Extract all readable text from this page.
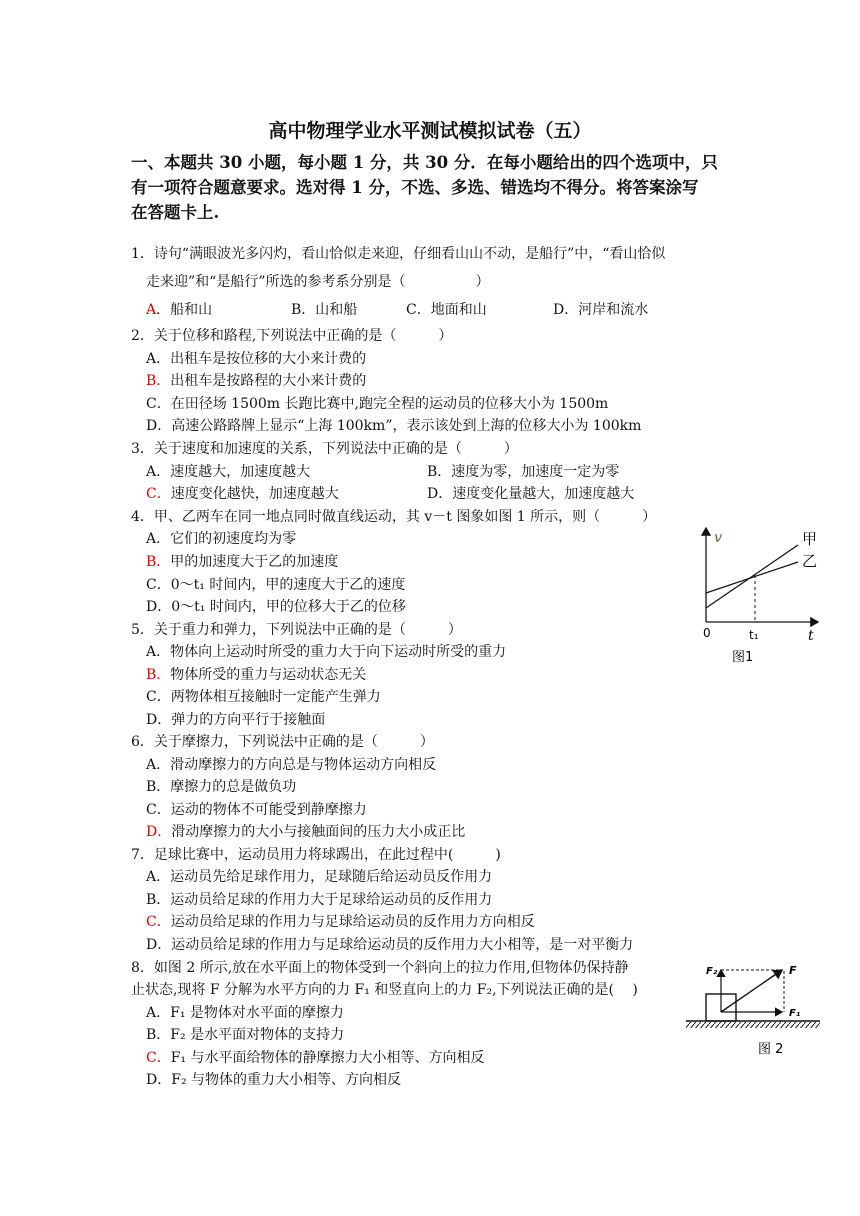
高中物理学业水平测试模拟试卷（五）
一、本题共 30 小题，每小题 1 分，共 30 分．在每小题给出的四个选项中，只
有一项符合题意要求。选对得 1 分，不选、多选、错选均不得分。将答案涂写
在答题卡上.
1．诗句“满眼波光多闪灼，看山恰似走来迎，仔细看山山不动，是船行”中，“看山恰似
走来迎”和“是船行”所选的参考系分别是（　　　　　）
A．船和山	B．山和船	C．地面和山	D．河岸和流水
2．关于位移和路程,下列说法中正确的是（　　　）
A．出租车是按位移的大小来计费的
B．出租车是按路程的大小来计费的
C．在田径场 1500m 长跑比赛中,跑完全程的运动员的位移大小为 1500m
D．高速公路路牌上显示“上海 100km”，表示该处到上海的位移大小为 100km
3．关于速度和加速度的关系，下列说法中正确的是（　　　）
A．速度越大，加速度越大	B．速度为零，加速度一定为零
C．速度变化越快，加速度越大	D．速度变化量越大，加速度越大
4．甲、乙两车在同一地点同时做直线运动，其 v－t 图象如图 1 所示，则（　　　）
A．它们的初速度均为零
B．甲的加速度大于乙的加速度
C．0～t₁ 时间内，甲的速度大于乙的速度
D．0～t₁ 时间内，甲的位移大于乙的位移
v
t
0	t₁
甲
乙
图1
5．关于重力和弹力，下列说法中正确的是（　　　）
A．物体向上运动时所受的重力大于向下运动时所受的重力
B．物体所受的重力与运动状态无关
C．两物体相互接触时一定能产生弹力
D．弹力的方向平行于接触面
6．关于摩擦力，下列说法中正确的是（　　　）
A．滑动摩擦力的方向总是与物体运动方向相反
B．摩擦力的总是做负功
C．运动的物体不可能受到静摩擦力
D．滑动摩擦力的大小与接触面间的压力大小成正比
7．足球比赛中，运动员用力将球踢出，在此过程中(　　　)
A．运动员先给足球作用力，足球随后给运动员反作用力
B．运动员给足球的作用力大于足球给运动员的反作用力
C．运动员给足球的作用力与足球给运动员的反作用力方向相反
D．运动员给足球的作用力与足球给运动员的反作用力大小相等，是一对平衡力
8．如图 2 所示,放在水平面上的物体受到一个斜向上的拉力作用,但物体仍保持静
止状态,现将 F 分解为水平方向的力 F₁ 和竖直向上的力 F₂,下列说法正确的是(　 )
A．F₁ 是物体对水平面的摩擦力
B．F₂ 是水平面对物体的支持力
C．F₁ 与水平面给物体的静摩擦力大小相等、方向相反
D．F₂ 与物体的重力大小相等、方向相反
F
F₁
F₂
图 2
